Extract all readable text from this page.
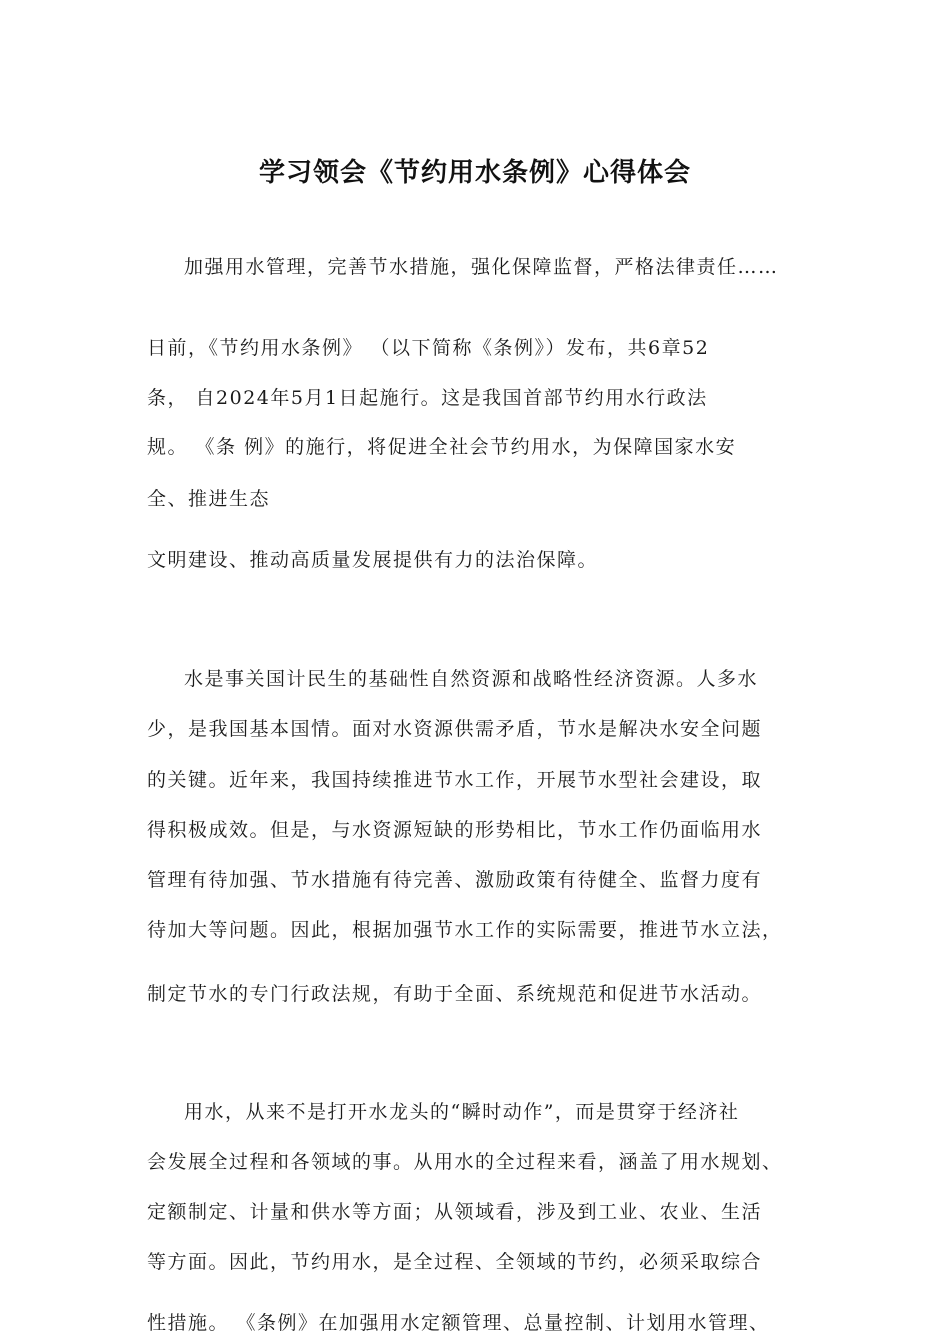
学习领会《节约用水条例》心得体会
加强用水管理，完善节水措施，强化保障监督，严格法律责任……
日前，《节约用水条例》 （以下简称《条例》）发布，共6章52
条， 自2024年5月1日起施行。这是我国首部节约用水行政法
规。 《条 例》的施行，将促进全社会节约用水，为保障国家水安
全、推进生态
文明建设、推动高质量发展提供有力的法治保障。
水是事关国计民生的基础性自然资源和战略性经济资源。人多水
少，是我国基本国情。面对水资源供需矛盾，节水是解决水安全问题
的关键。近年来，我国持续推进节水工作，开展节水型社会建设，取
得积极成效。但是，与水资源短缺的形势相比，节水工作仍面临用水
管理有待加强、节水措施有待完善、激励政策有待健全、监督力度有
待加大等问题。因此，根据加强节水工作的实际需要，推进节水立法，
制定节水的专门行政法规，有助于全面、系统规范和促进节水活动。
用水，从来不是打开水龙头的“瞬时动作”，而是贯穿于经济社
会发展全过程和各领域的事。从用水的全过程来看，涵盖了用水规划、
定额制定、计量和供水等方面；从领域看，涉及到工业、农业、生活
等方面。因此，节约用水，是全过程、全领域的节约，必须采取综合
性措施。 《条例》在加强用水定额管理、总量控制、计划用水管理、
